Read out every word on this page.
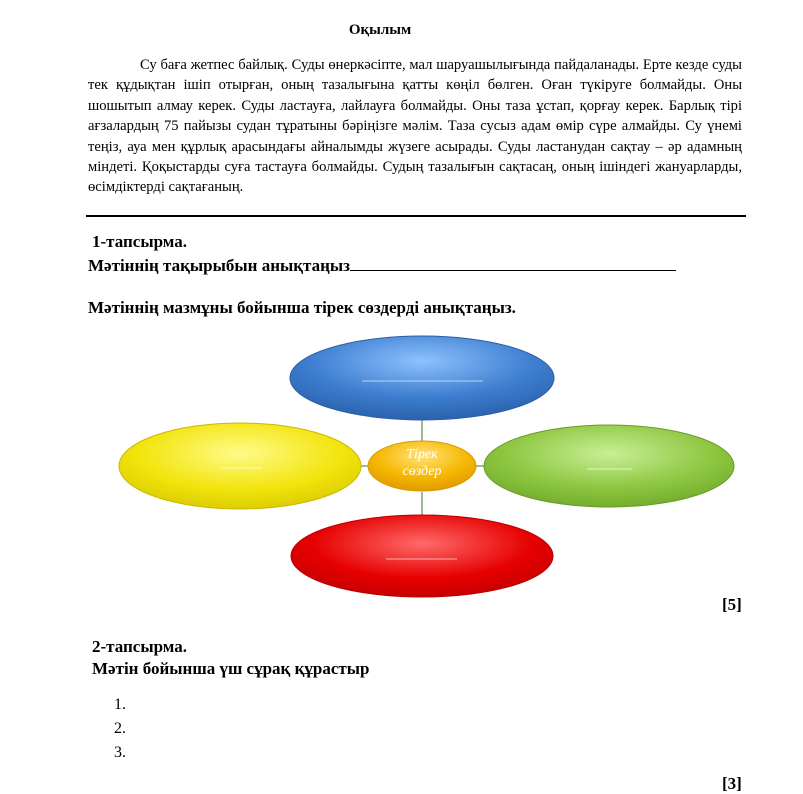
Оқылым
Су баға жетпес байлық. Суды өнеркәсіпте, мал шаруашылығында пайдаланады. Ерте кезде суды тек құдықтан ішіп отырған, оның тазалығына қатты көңіл бөлген. Оған түкіруге болмайды. Оны шошытып алмау керек. Суды ластауға, лайлауға болмайды. Оны таза ұстап, қорғау керек. Барлық тірі ағзалардың 75 пайызы судан тұратыны бәріңізге мәлім. Таза сусыз адам өмір сүре алмайды. Су үнемі теңіз, ауа мен құрлық арасындағы айналымды жүзеге асырады. Суды ластанудан сақтау – әр адамның міндеті. Қоқыстарды суға тастауға болмайды. Судың тазалығын сақтасаң, оның ішіндегі жануарларды, өсімдіктерді сақтағаның.
1-тапсырма.
Мәтіннің тақырыбын анықтаңыз
Мәтіннің мазмұны бойынша тірек сөздерді анықтаңыз.
Тірек
сөздер
[5]
2-тапсырма.
Мәтін бойынша үш сұрақ құрастыр
1.
2.
3.
[3]
